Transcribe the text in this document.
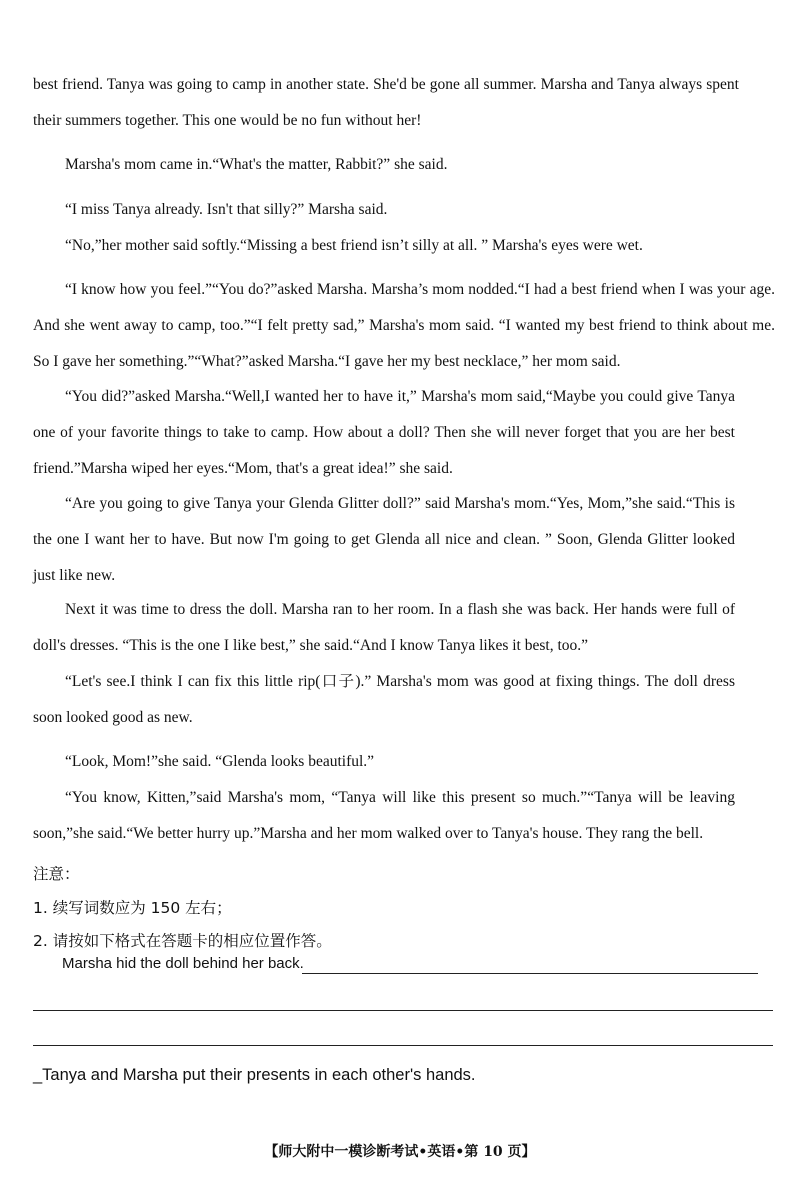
best friend. Tanya was going to camp in another state. She'd be gone all summer. Marsha and Tanya always spent their summers together. This one would be no fun without her!

Marsha's mom came in.“What's the matter, Rabbit?” she said.

“I miss Tanya already. Isn't that silly?” Marsha said.

“No,”her mother said softly.“Missing a best friend isn’t silly at all. ” Marsha's eyes were wet.

“I know how you feel.”“You do?”asked Marsha. Marsha’s mom nodded.“I had a best friend when I was your age. And she went away to camp, too.”“I felt pretty sad,” Marsha's mom said. “I wanted my best friend to think about me. So I gave her something.”“What?”asked Marsha.“I gave her my best necklace,” her mom said.

“You did?”asked Marsha.“Well,I wanted her to have it,” Marsha's mom said,“Maybe you could give Tanya one of your favorite things to take to camp. How about a doll? Then she will never forget that you are her best friend.”Marsha wiped her eyes.“Mom, that's a great idea!” she said.

“Are you going to give Tanya your Glenda Glitter doll?” said Marsha's mom.“Yes, Mom,”she said.“This is the one I want her to have. But now I'm going to get Glenda all nice and clean. ” Soon, Glenda Glitter looked just like new.

Next it was time to dress the doll. Marsha ran to her room. In a flash she was back. Her hands were full of doll's dresses. “This is the one I like best,” she said.“And I know Tanya likes it best, too.”

“Let's see.I think I can fix this little rip(口子).” Marsha's mom was good at fixing things. The doll dress soon looked good as new.

“Look, Mom!”she said. “Glenda looks beautiful.”

“You know, Kitten,”said Marsha's mom, “Tanya will like this present so much.”“Tanya will be leaving soon,”she said.“We better hurry up.”Marsha and her mom walked over to Tanya's house. They rang the bell.

注意：
1. 续写词数应为 150 左右；
2. 请按如下格式在答题卡的相应位置作答。
Marsha hid the doll behind her back.
_Tanya and Marsha put their presents in each other's hands.
【师大附中一模诊断考试•英语•第 10 页】
